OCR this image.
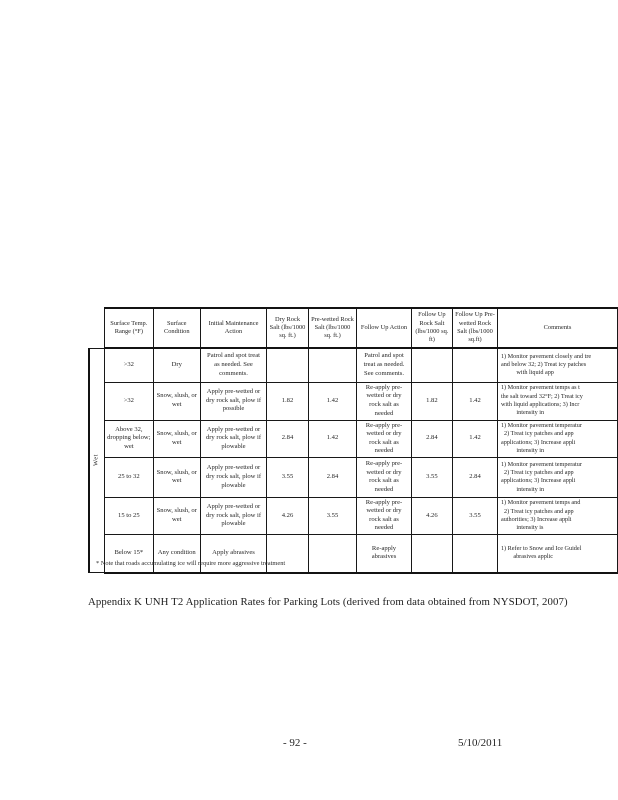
	Surface Temp. Range (°F)	Surface Condition	Initial Maintenance Action	Dry Rock Salt (lbs/1000 sq. ft.)	Pre-wetted Rock Salt (lbs/1000 sq. ft.)	Follow Up Action	Follow Up Rock Salt (lbs/1000 sq. ft)	Follow Up Pre-wetted Rock Salt (lbs/1000 sq.ft)	Comments

Wet	>32	Dry	Patrol and spot treat as needed. See comments.			Patrol and spot treat as needed. See comments.			1) Monitor pavement closely and tre
and below 32; 2) Treat icy patches
with liquid app

	>32	Snow, slush, or wet	Apply pre-wetted or dry rock salt, plow if possible	1.82	1.42	Re-apply pre-wetted or dry rock salt as needed	1.82	1.42	1) Monitor pavement temps as t
the salt toward 32°F; 2) Treat icy
with liquid applications; 3) Incr
intensity in

	Above 32, dropping below; wet	Snow, slush, or wet	Apply pre-wetted or dry rock salt, plow if plowable	2.84	1.42	Re-apply pre-wetted or dry rock salt as needed	2.84	1.42	1) Monitor pavement temperatur
2) Treat icy patches and app
applications; 3) Increase appli
intensity in

	25 to 32	Snow, slush, or wet	Apply pre-wetted or dry rock salt, plow if plowable	3.55	2.84	Re-apply pre-wetted or dry rock salt as needed	3.55	2.84	1) Monitor pavement temperatur
2) Treat icy patches and app
applications; 3) Increase appli
intensity in

	15 to 25	Snow, slush, or wet	Apply pre-wetted or dry rock salt, plow if plowable	4.26	3.55	Re-apply pre-wetted or dry rock salt as needed	4.26	3.55	1) Monitor pavement temps and
2) Treat icy patches and app
authorities; 3) Increase appli
intensity is

	Below 15*	Any condition	Apply abrasives			Re-apply abrasives			1) Refer to Snow and Ice Guidel
abrasives applic
* Note that roads accumulating ice will require more aggressive treatment
Appendix K UNH T2 Application Rates for Parking Lots (derived from data obtained from NYSDOT, 2007)
- 92 -	5/10/2011
